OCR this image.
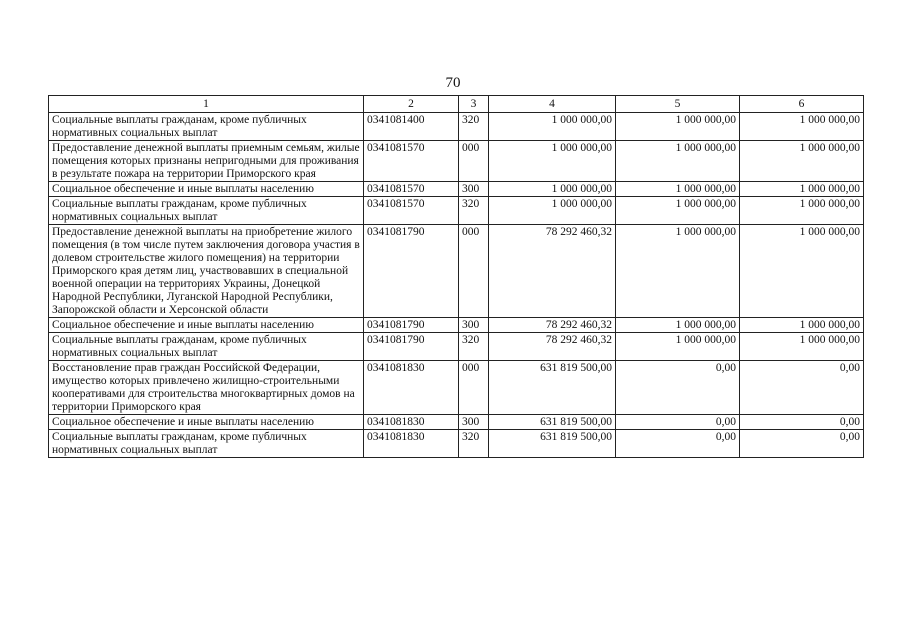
70
1	2	3	4	5	6
Социальные выплаты гражданам, кроме публичных нормативных социальных выплат	0341081400	320	1 000 000,00	1 000 000,00	1 000 000,00
Предоставление денежной выплаты приемным семьям, жилые помещения которых признаны непригодными для проживания в результате пожара на территории Приморского края	0341081570	000	1 000 000,00	1 000 000,00	1 000 000,00
Социальное обеспечение и иные выплаты населению	0341081570	300	1 000 000,00	1 000 000,00	1 000 000,00
Социальные выплаты гражданам, кроме публичных нормативных социальных выплат	0341081570	320	1 000 000,00	1 000 000,00	1 000 000,00
Предоставление денежной выплаты на приобретение жилого помещения (в том числе путем заключения договора участия в долевом строительстве жилого помещения) на территории Приморского края детям лиц, участвовавших в специальной военной операции на территориях Украины, Донецкой Народной Республики, Луганской Народной Республики, Запорожской области и Херсонской области	0341081790	000	78 292 460,32	1 000 000,00	1 000 000,00
Социальное обеспечение и иные выплаты населению	0341081790	300	78 292 460,32	1 000 000,00	1 000 000,00
Социальные выплаты гражданам, кроме публичных нормативных социальных выплат	0341081790	320	78 292 460,32	1 000 000,00	1 000 000,00
Восстановление прав граждан Российской Федерации, имущество которых привлечено жилищно-строительными кооперативами для строительства многоквартирных домов на территории Приморского края	0341081830	000	631 819 500,00	0,00	0,00
Социальное обеспечение и иные выплаты населению	0341081830	300	631 819 500,00	0,00	0,00
Социальные выплаты гражданам, кроме публичных нормативных социальных выплат	0341081830	320	631 819 500,00	0,00	0,00
